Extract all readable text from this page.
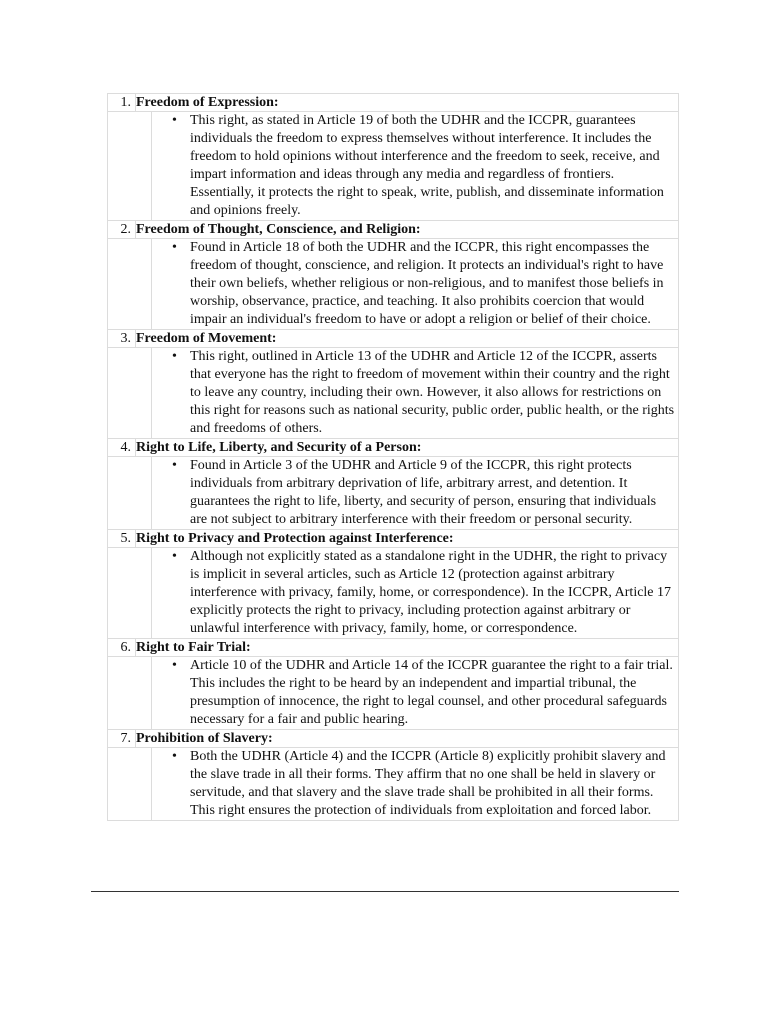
1.	Freedom of Expression:	

		• This right, as stated in Article 19 of both the UDHR and the ICCPR, guarantees individuals the freedom to express themselves without interference. It includes the freedom to hold opinions without interference and the freedom to seek, receive, and impart information and ideas through any media and regardless of frontiers. Essentially, it protects the right to speak, write, publish, and disseminate information and opinions freely.
2.	Freedom of Thought, Conscience, and Religion:	

		• Found in Article 18 of both the UDHR and the ICCPR, this right encompasses the freedom of thought, conscience, and religion. It protects an individual's right to have their own beliefs, whether religious or non-religious, and to manifest those beliefs in worship, observance, practice, and teaching. It also prohibits coercion that would impair an individual's freedom to have or adopt a religion or belief of their choice.
3.	Freedom of Movement:	

		• This right, outlined in Article 13 of the UDHR and Article 12 of the ICCPR, asserts that everyone has the right to freedom of movement within their country and the right to leave any country, including their own. However, it also allows for restrictions on this right for reasons such as national security, public order, public health, or the rights and freedoms of others.
4.	Right to Life, Liberty, and Security of a Person:	

		• Found in Article 3 of the UDHR and Article 9 of the ICCPR, this right protects individuals from arbitrary deprivation of life, arbitrary arrest, and detention. It guarantees the right to life, liberty, and security of person, ensuring that individuals are not subject to arbitrary interference with their freedom or personal security.
5.	Right to Privacy and Protection against Interference:	

		• Although not explicitly stated as a standalone right in the UDHR, the right to privacy is implicit in several articles, such as Article 12 (protection against arbitrary interference with privacy, family, home, or correspondence). In the ICCPR, Article 17 explicitly protects the right to privacy, including protection against arbitrary or unlawful interference with privacy, family, home, or correspondence.
6.	Right to Fair Trial:	

		• Article 10 of the UDHR and Article 14 of the ICCPR guarantee the right to a fair trial. This includes the right to be heard by an independent and impartial tribunal, the presumption of innocence, the right to legal counsel, and other procedural safeguards necessary for a fair and public hearing.
7.	Prohibition of Slavery:	

		• Both the UDHR (Article 4) and the ICCPR (Article 8) explicitly prohibit slavery and the slave trade in all their forms. They affirm that no one shall be held in slavery or servitude, and that slavery and the slave trade shall be prohibited in all their forms. This right ensures the protection of individuals from exploitation and forced labor.
